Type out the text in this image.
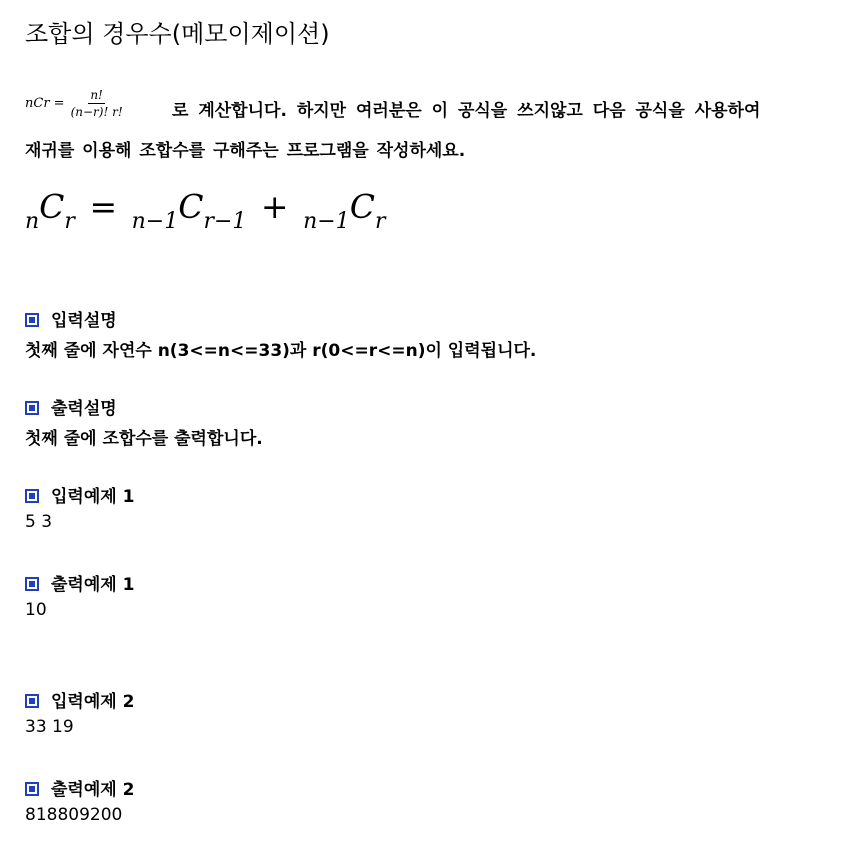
조합의 경우수(메모이제이션)
nCr = $\frac{n!}{(n-r)! r!}$	로 계산합니다. 하지만 여러분은 이 공식을 쓰지않고 다음 공식을 사용하여
재귀를 이용해 조합수를 구해주는 프로그램을 작성하세요.
$_nC_r = _{n-1}C_{r-1} + _{n-1}C_r$
입력설명
첫째 줄에 자연수 n(3<=n<=33)과 r(0<=r<=n)이 입력됩니다.
출력설명
첫째 줄에 조합수를 출력합니다.
입력예제 1
5 3
출력예제 1
10
입력예제 2
33 19
출력예제 2
818809200
